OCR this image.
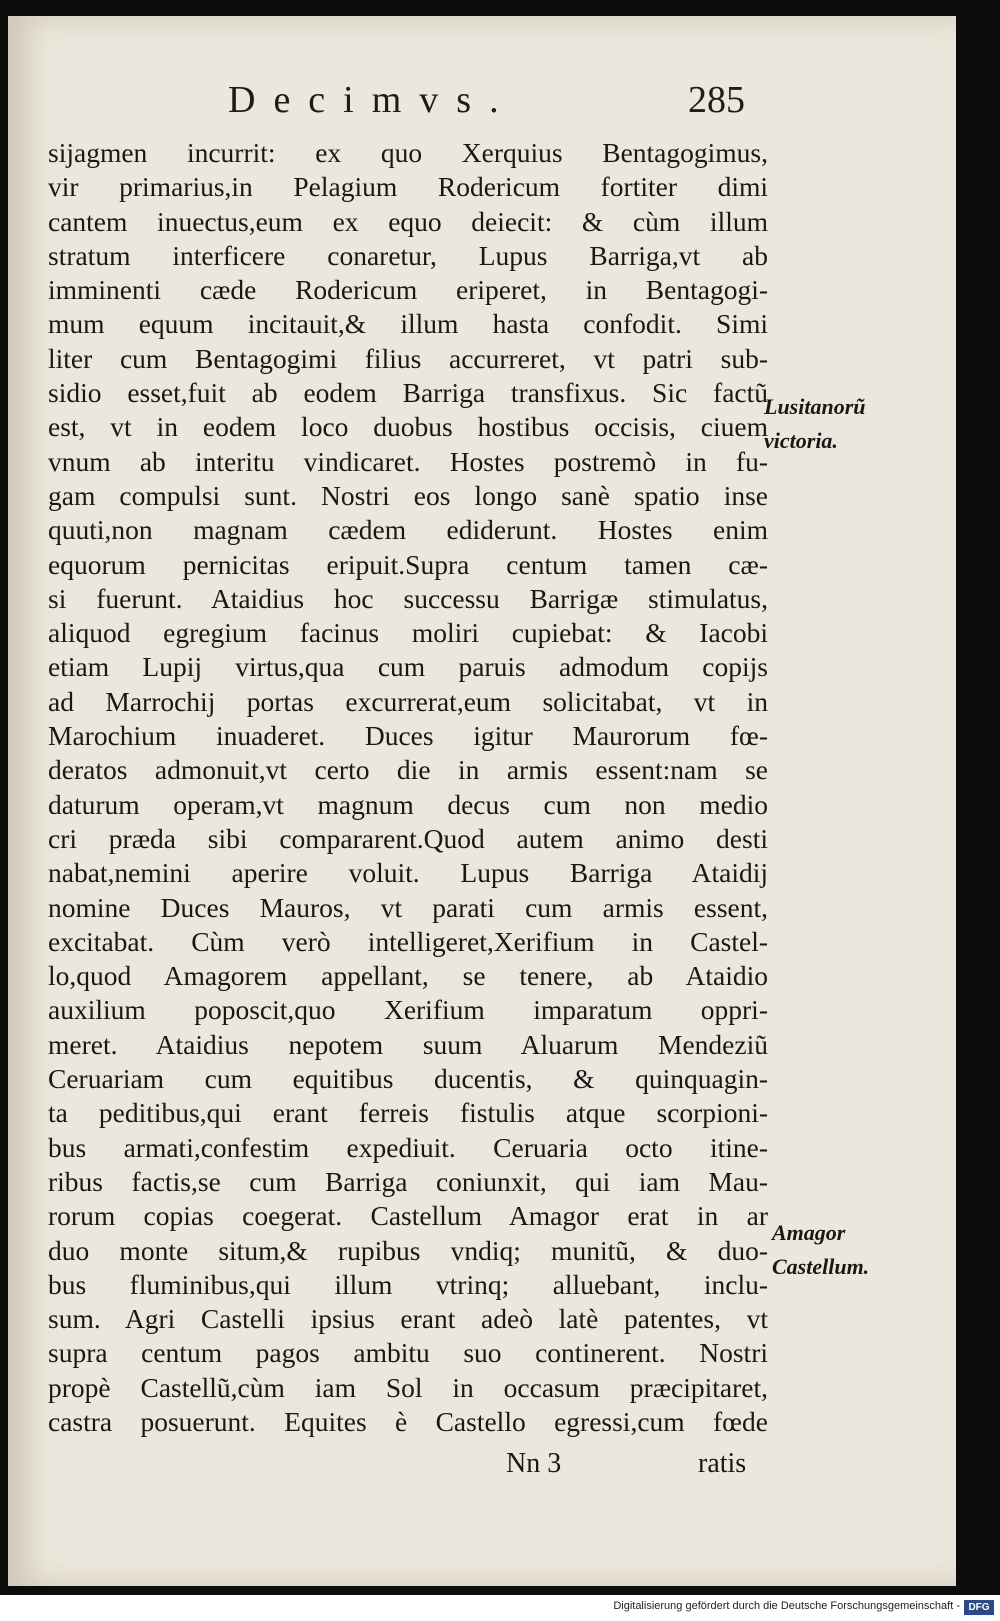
Decimvs.	285
sijagmen incurrit: ex quo Xerquius Bentagogimus,
vir primarius,in Pelagium Rodericum fortiter dimi
cantem inuectus,eum ex equo deiecit: & cùm illum
stratum interficere conaretur, Lupus Barriga,vt ab
imminenti cæde Rodericum eriperet, in Bentagogi-
mum equum incitauit,& illum hasta confodit. Simi
liter cum Bentagogimi filius accurreret, vt patri sub-
sidio esset,fuit ab eodem Barriga transfixus. Sic factũ
est, vt in eodem loco duobus hostibus occisis, ciuem
vnum ab interitu vindicaret. Hostes postremò in fu-
gam compulsi sunt. Nostri eos longo sanè spatio inse
quuti,non magnam cædem ediderunt. Hostes enim
equorum pernicitas eripuit.Supra centum tamen cæ-
si fuerunt. Ataidius hoc successu Barrigæ stimulatus,
aliquod egregium facinus moliri cupiebat: & Iacobi
etiam Lupij virtus,qua cum paruis admodum copijs
ad Marrochij portas excurrerat,eum solicitabat, vt in
Marochium inuaderet. Duces igitur Maurorum fœ-
deratos admonuit,vt certo die in armis essent:nam se
daturum operam,vt magnum decus cum non medio
cri præda sibi compararent.Quod autem animo desti
nabat,nemini aperire voluit. Lupus Barriga Ataidij
nomine Duces Mauros, vt parati cum armis essent,
excitabat. Cùm verò intelligeret,Xerifium in Castel-
lo,quod Amagorem appellant, se tenere, ab Ataidio
auxilium poposcit,quo Xerifium imparatum oppri-
meret. Ataidius nepotem suum Aluarum Mendeziũ
Ceruariam cum equitibus ducentis, & quinquagin-
ta peditibus,qui erant ferreis fistulis atque scorpioni-
bus armati,confestim expediuit. Ceruaria octo itine-
ribus factis,se cum Barriga coniunxit, qui iam Mau-
rorum copias coegerat. Castellum Amagor erat in ar
duo monte situm,& rupibus vndiq; munitũ, & duo-
bus fluminibus,qui illum vtrinq; alluebant, inclu-
sum. Agri Castelli ipsius erant adeò latè patentes, vt
supra centum pagos ambitu suo continerent. Nostri
propè Castellũ,cùm iam Sol in occasum præcipitaret,
castra posuerunt. Equites è Castello egressi,cum fœde
Lusitanorũ
victoria.
Amagor
Castellum.
Nn 3	ratis
Digitalisierung gefördert durch die Deutsche Forschungsgemeinschaft - DFG
